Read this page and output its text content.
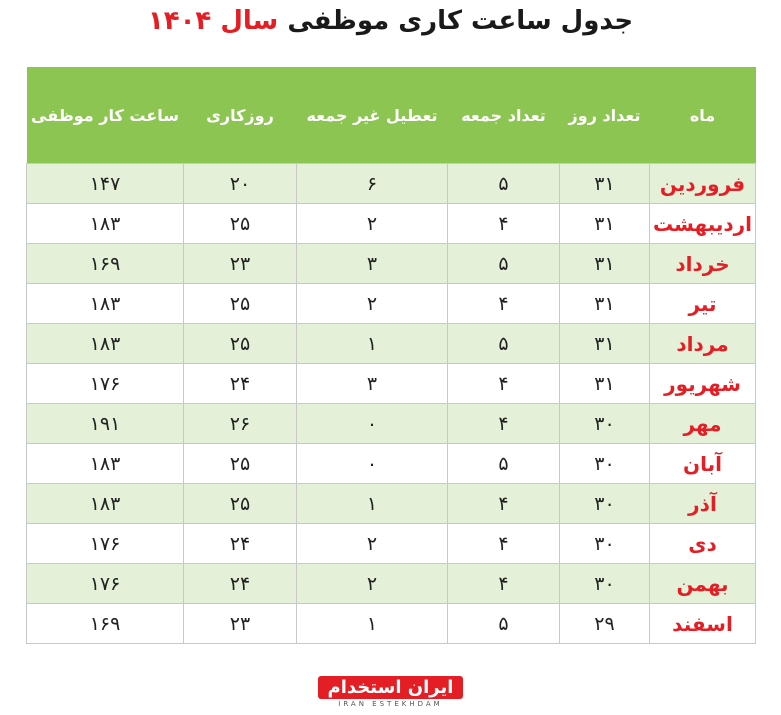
جدول ساعت کاری موظفی سال ۱۴۰۴
ماه	تعداد روز	تعداد جمعه	تعطیل غیر جمعه	روزکاری	ساعت کار موظفی
فروردین	۳۱	۵	۶	۲۰	۱۴۷
اردیبهشت	۳۱	۴	۲	۲۵	۱۸۳
خرداد	۳۱	۵	۳	۲۳	۱۶۹
تیر	۳۱	۴	۲	۲۵	۱۸۳
مرداد	۳۱	۵	۱	۲۵	۱۸۳
شهریور	۳۱	۴	۳	۲۴	۱۷۶
مهر	۳۰	۴	۰	۲۶	۱۹۱
آبان	۳۰	۵	۰	۲۵	۱۸۳
آذر	۳۰	۴	۱	۲۵	۱۸۳
دی	۳۰	۴	۲	۲۴	۱۷۶
بهمن	۳۰	۴	۲	۲۴	۱۷۶
اسفند	۲۹	۵	۱	۲۳	۱۶۹
ایران استخدام
IRAN ESTEKHDAM
